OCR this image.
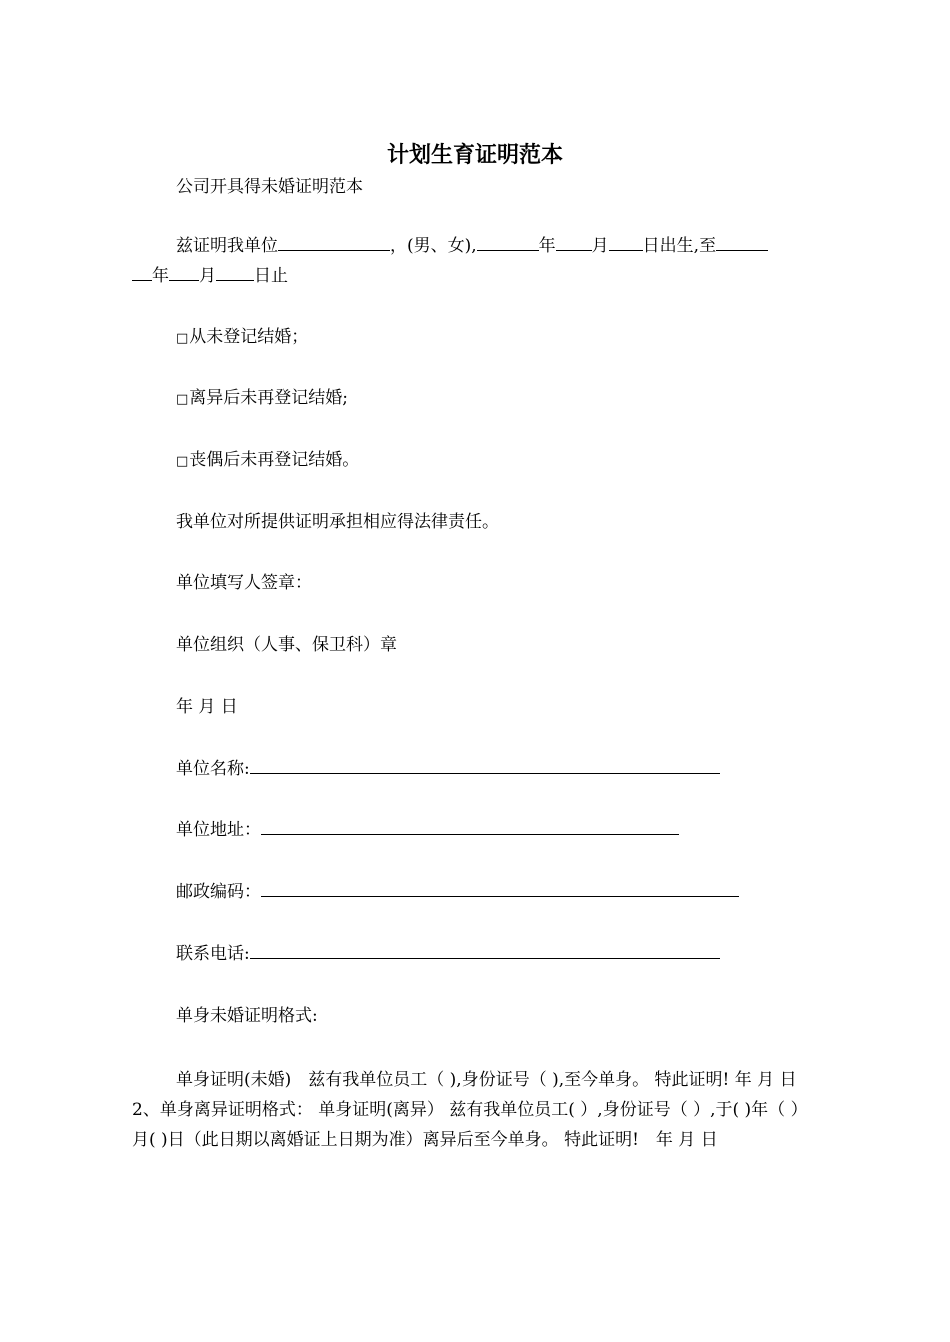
计划生育证明范本
公司开具得未婚证明范本
兹证明我单位	，(男、女),	年 月 日出生,至
年 月 日止
□ 从未登记结婚；
□ 离异后未再登记结婚;
□ 丧偶后未再登记结婚。
我单位对所提供证明承担相应得法律责任。
单位填写人签章：
单位组织（人事、保卫科）章
年 月 日
单位名称:
单位地址：
邮政编码：
联系电话:
单身未婚证明格式:
单身证明(未婚)　兹有我单位员工（ ),身份证号（ ),至今单身。 特此证明! 年 月 日2、单身离异证明格式： 单身证明(离异） 兹有我单位员工( ）,身份证号（ ）,于( )年（ ）月( )日（此日期以离婚证上日期为准）离异后至今单身。 特此证明!　年 月 日
